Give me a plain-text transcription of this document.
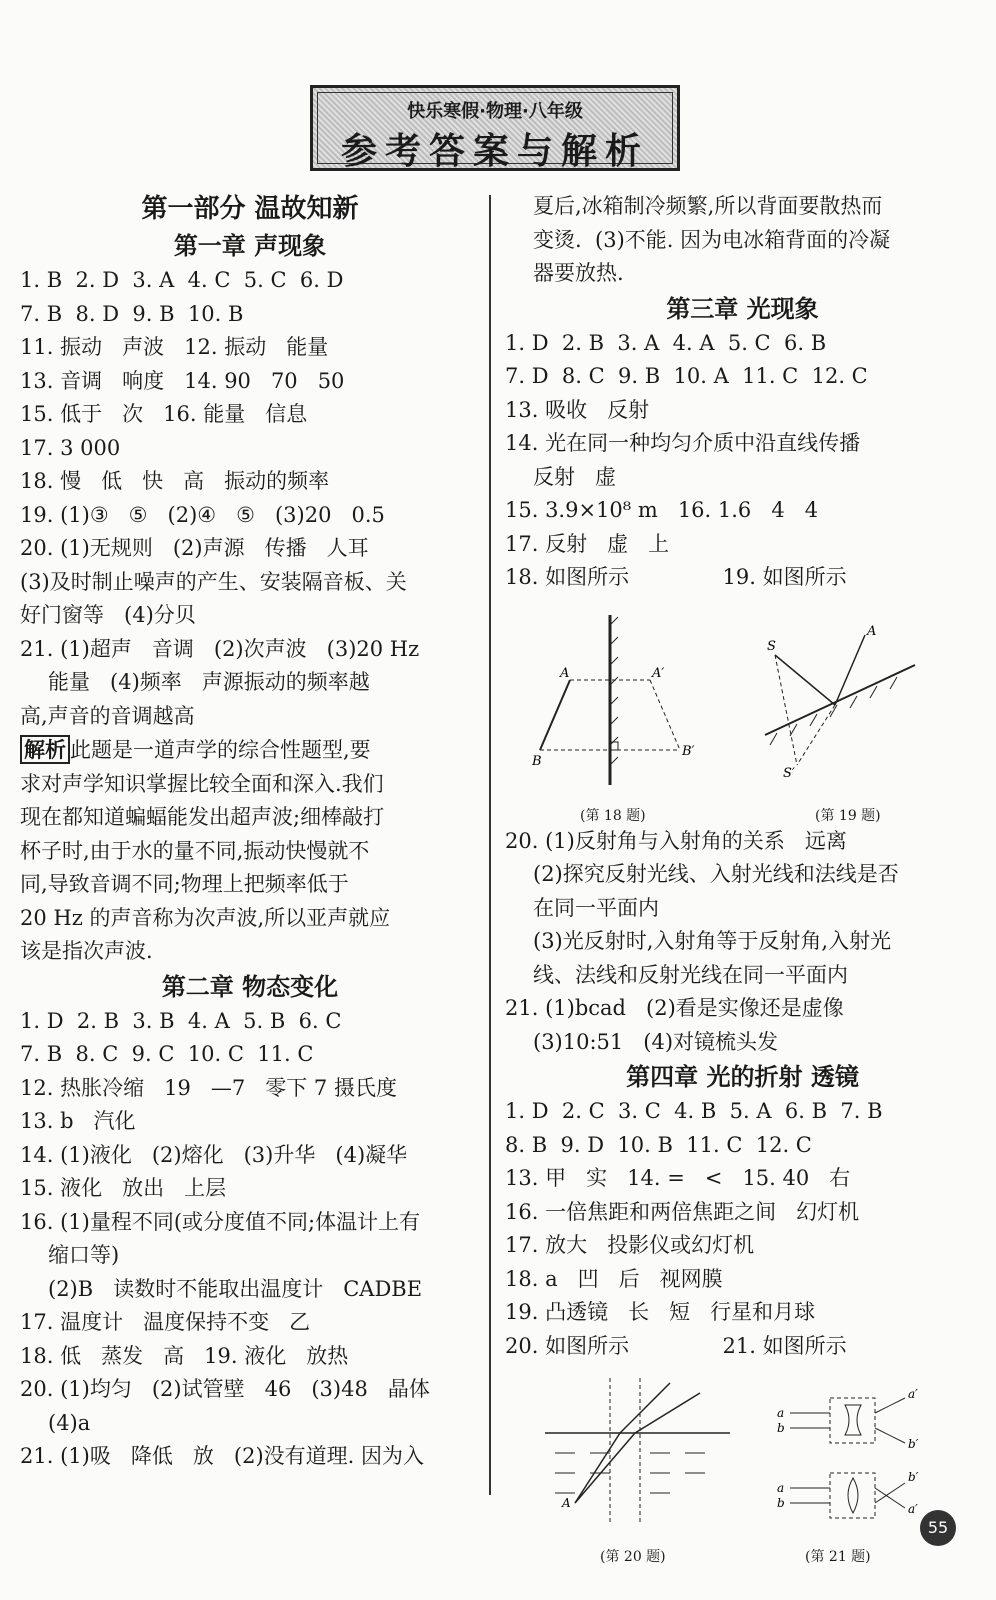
快乐寒假·物理·八年级
参考答案与解析
第一部分 温故知新
第一章 声现象
1. B  2. D  3. A  4. C  5. C  6. D
7. B  8. D  9. B  10. B
11. 振动   声波   12. 振动   能量
13. 音调   响度   14. 90   70   50
15. 低于   次   16. 能量   信息
17. 3 000
18. 慢   低   快   高   振动的频率
19. (1)③   ⑤   (2)④   ⑤   (3)20   0.5
20. (1)无规则   (2)声源   传播   人耳
(3)及时制止噪声的产生、安装隔音板、关
好门窗等   (4)分贝
21. (1)超声   音调   (2)次声波   (3)20 Hz
能量   (4)频率   声源振动的频率越
高,声音的音调越高
解析 此题是一道声学的综合性题型,要
求对声学知识掌握比较全面和深入.我们
现在都知道蝙蝠能发出超声波;细棒敲打
杯子时,由于水的量不同,振动快慢就不
同,导致音调不同;物理上把频率低于
20 Hz 的声音称为次声波,所以亚声就应
该是指次声波.
第二章 物态变化
1. D  2. B  3. B  4. A  5. B  6. C
7. B  8. C  9. C  10. C  11. C
12. 热胀冷缩   19   —7   零下 7 摄氏度
13. b   汽化
14. (1)液化   (2)熔化   (3)升华   (4)凝华
15. 液化   放出   上层
16. (1)量程不同(或分度值不同;体温计上有
缩口等)
(2)B   读数时不能取出温度计   CADBE
17. 温度计   温度保持不变   乙
18. 低   蒸发   高   19. 液化   放热
20. (1)均匀   (2)试管壁   46   (3)48   晶体
(4)a
21. (1)吸   降低   放   (2)没有道理. 因为入
夏后,冰箱制冷频繁,所以背面要散热而
变烫.  (3)不能. 因为电冰箱背面的冷凝
器要放热.
第三章 光现象
1. D  2. B  3. A  4. A  5. C  6. B
7. D  8. C  9. B  10. A  11. C  12. C
13. 吸收   反射
14. 光在同一种均匀介质中沿直线传播
反射   虚
15. 3.9×10⁸ m   16. 1.6   4   4
17. 反射   虚   上
18. 如图所示              19. 如图所示
A	A′
B
B′
(第 18 题)
S
A
S′
(第 19 题)
20. (1)反射角与入射角的关系   远离
(2)探究反射光线、入射光线和法线是否
在同一平面内
(3)光反射时,入射角等于反射角,入射光
线、法线和反射光线在同一平面内
21. (1)bcad   (2)看是实像还是虚像
(3)10:51   (4)对镜梳头发
第四章 光的折射 透镜
1. D  2. C  3. C  4. B  5. A  6. B  7. B
8. B  9. D  10. B  11. C  12. C
13. 甲   实   14. =   <   15. 40   右
16. 一倍焦距和两倍焦距之间   幻灯机
17. 放大   投影仪或幻灯机
18. a   凹   后   视网膜
19. 凸透镜   长   短   行星和月球
20. 如图所示              21. 如图所示
A
(第 20 题)
a
b
a′
b′
a
b
b′
a′
(第 21 题)
55
